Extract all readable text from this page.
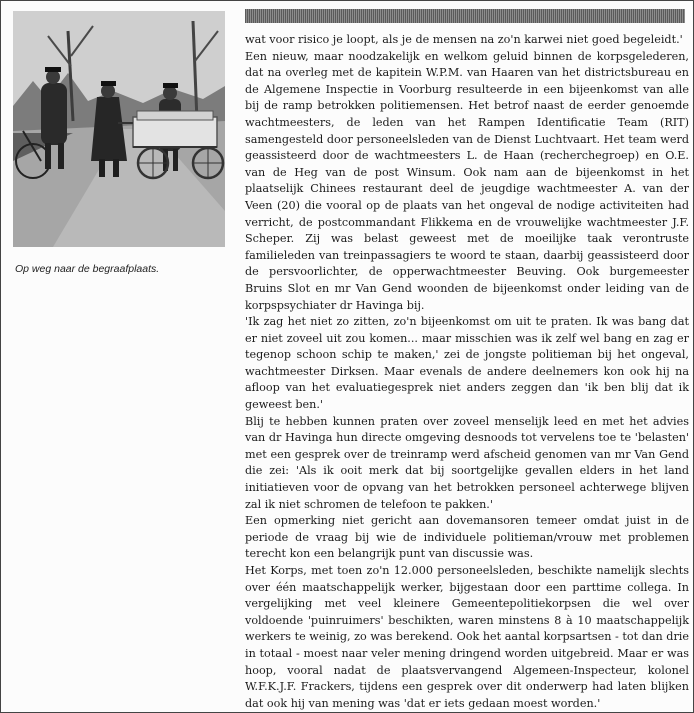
Op weg naar de begraafplaats.

wat voor risico je loopt, als je de mensen na zo'n karwei niet goed begeleidt.'

Een nieuw, maar noodzakelijk en welkom geluid binnen de korpsgelederen, dat na overleg met de kapitein W.P.M. van Haaren van het districtsbureau en de Algemene Inspectie in Voorburg resulteerde in een bijeenkomst van alle bij de ramp betrokken politiemensen. Het betrof naast de eerder genoemde wachtmeesters, de leden van het Rampen Identificatie Team (RIT) samengesteld door personeelsleden van de Dienst Luchtvaart. Het team werd geassisteerd door de wachtmeesters L. de Haan (recherchegroep) en O.E. van de Heg van de post Winsum. Ook nam aan de bijeenkomst in het plaatselijk Chinees restaurant deel de jeugdige wachtmeester A. van der Veen (20) die vooral op de plaats van het ongeval de nodige activiteiten had verricht, de postcommandant Flikkema en de vrouwelijke wachtmeester J.F. Scheper. Zij was belast geweest met de moeilijke taak verontruste familieleden van treinpassagiers te woord te staan, daarbij geassisteerd door de persvoorlichter, de opperwachtmeester Beuving. Ook burgemeester Bruins Slot en mr Van Gend woonden de bijeenkomst onder leiding van de korpspsychiater dr Havinga bij.

'Ik zag het niet zo zitten, zo'n bijeenkomst om uit te praten. Ik was bang dat er niet zoveel uit zou komen... maar misschien was ik zelf wel bang en zag er tegenop schoon schip te maken,' zei de jongste politieman bij het ongeval, wachtmeester Dirksen. Maar evenals de andere deelnemers kon ook hij na afloop van het evaluatiegesprek niet anders zeggen dan 'ik ben blij dat ik geweest ben.'

Blij te hebben kunnen praten over zoveel menselijk leed en met het advies van dr Havinga hun directe omgeving desnoods tot vervelens toe te 'belasten' met een gesprek over de treinramp werd afscheid genomen van mr Van Gend die zei: 'Als ik ooit merk dat bij soortgelijke gevallen elders in het land initiatieven voor de opvang van het betrokken personeel achterwege blijven zal ik niet schromen de telefoon te pakken.'

Een opmerking niet gericht aan dovemansoren temeer omdat juist in de periode de vraag bij wie de individuele politieman/vrouw met problemen terecht kon een belangrijk punt van discussie was.

Het Korps, met toen zo'n 12.000 personeelsleden, beschikte namelijk slechts over één maatschappelijk werker, bijgestaan door een parttime collega. In vergelijking met veel kleinere Gemeentepolitiekorpsen die wel over voldoende 'puinruimers' beschikten, waren minstens 8 à 10 maatschappelijk werkers te weinig, zo was berekend. Ook het aantal korpsartsen - tot dan drie in totaal - moest naar veler mening dringend worden uitgebreid. Maar er was hoop, vooral nadat de plaatsvervangend Algemeen-Inspecteur, kolonel W.F.K.J.F. Frackers, tijdens een gesprek over dit onderwerp had laten blijken dat ook hij van mening was 'dat er iets gedaan moest worden.'
